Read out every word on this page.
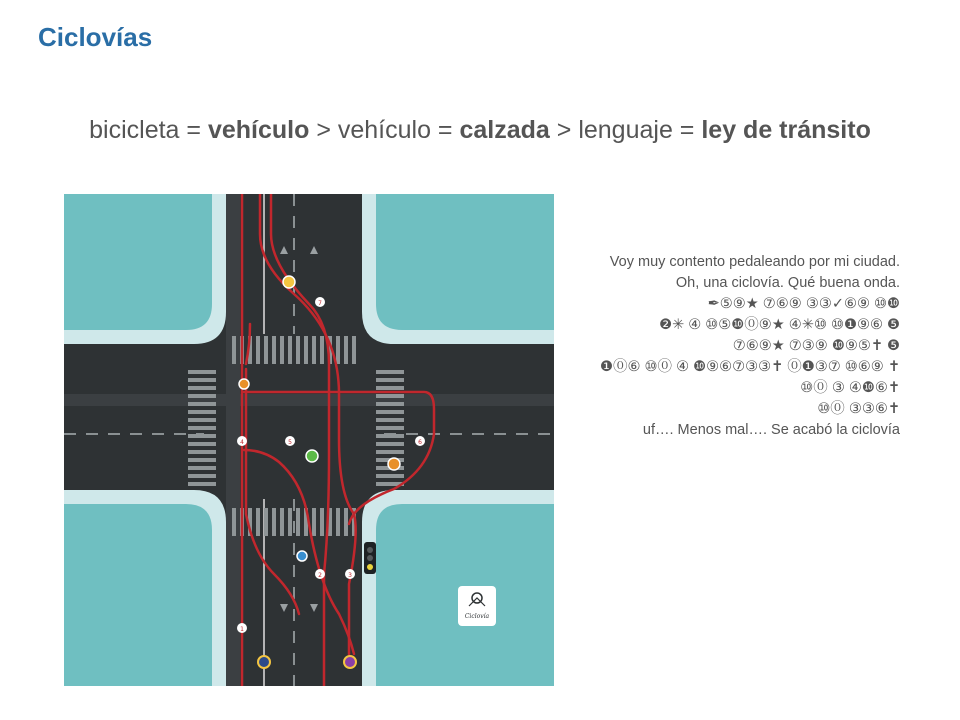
Ciclovías
bicicleta = vehículo > vehículo = calzada > lenguaje = ley de tránsito
1
2	3
4	5	6
7
Ciclovía

Voy muy contento pedaleando por mi ciudad. Oh, una ciclovía. Qué buena onda.

✒⑤⑨★ ⑦⑥⑨ ③③✓⑥⑨ ⑩❿

❷✳ ④ ⑩⑤❿⓪⑨★ ④✳⑩ ⑩❶⑨⑥ ❺

⑦⑥⑨★ ⑦③⑨ ❿⑨⑤✝ ❺

❶⓪⑥ ⑩⓪ ④ ❿⑨⑥⑦③③✝ ⓪❶③⑦ ⑩⑥⑨ ✝ ⑩⓪ ③ ④❿⑥✝

⑩⓪ ③③⑥✝

uf…. Menos mal…. Se acabó la ciclovía
